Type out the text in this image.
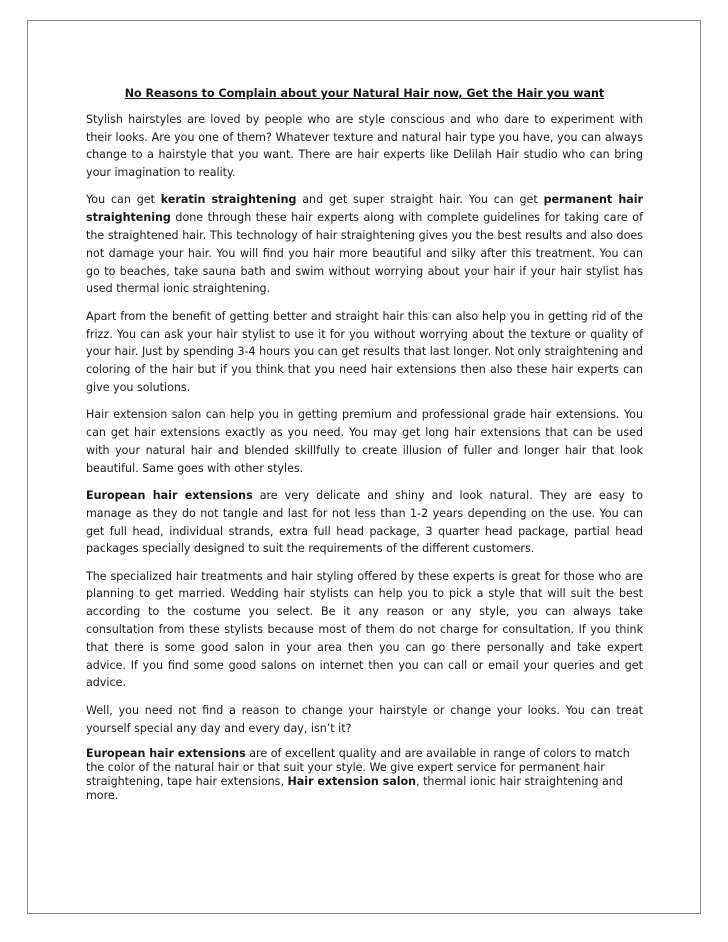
No Reasons to Complain about your Natural Hair now, Get the Hair you want

Stylish hairstyles are loved by people who are style conscious and who dare to experiment with their looks. Are you one of them? Whatever texture and natural hair type you have, you can always change to a hairstyle that you want. There are hair experts like Delilah Hair studio who can bring your imagination to reality.

You can get keratin straightening and get super straight hair. You can get permanent hair straightening done through these hair experts along with complete guidelines for taking care of the straightened hair. This technology of hair straightening gives you the best results and also does not damage your hair. You will find you hair more beautiful and silky after this treatment. You can go to beaches, take sauna bath and swim without worrying about your hair if your hair stylist has used thermal ionic straightening.

Apart from the benefit of getting better and straight hair this can also help you in getting rid of the frizz. You can ask your hair stylist to use it for you without worrying about the texture or quality of your hair. Just by spending 3-4 hours you can get results that last longer. Not only straightening and coloring of the hair but if you think that you need hair extensions then also these hair experts can give you solutions.

Hair extension salon can help you in getting premium and professional grade hair extensions. You can get hair extensions exactly as you need. You may get long hair extensions that can be used with your natural hair and blended skillfully to create illusion of fuller and longer hair that look beautiful. Same goes with other styles.

European hair extensions are very delicate and shiny and look natural. They are easy to manage as they do not tangle and last for not less than 1-2 years depending on the use. You can get full head, individual strands, extra full head package, 3 quarter head package, partial head packages specially designed to suit the requirements of the different customers.

The specialized hair treatments and hair styling offered by these experts is great for those who are planning to get married. Wedding hair stylists can help you to pick a style that will suit the best according to the costume you select. Be it any reason or any style, you can always take consultation from these stylists because most of them do not charge for consultation. If you think that there is some good salon in your area then you can go there personally and take expert advice. If you find some good salons on internet then you can call or email your queries and get advice.

Well, you need not find a reason to change your hairstyle or change your looks. You can treat yourself special any day and every day, isn’t it?

European hair extensions are of excellent quality and are available in range of colors to match the color of the natural hair or that suit your style. We give expert service for permanent hair straightening, tape hair extensions, Hair extension salon, thermal ionic hair straightening and more.
